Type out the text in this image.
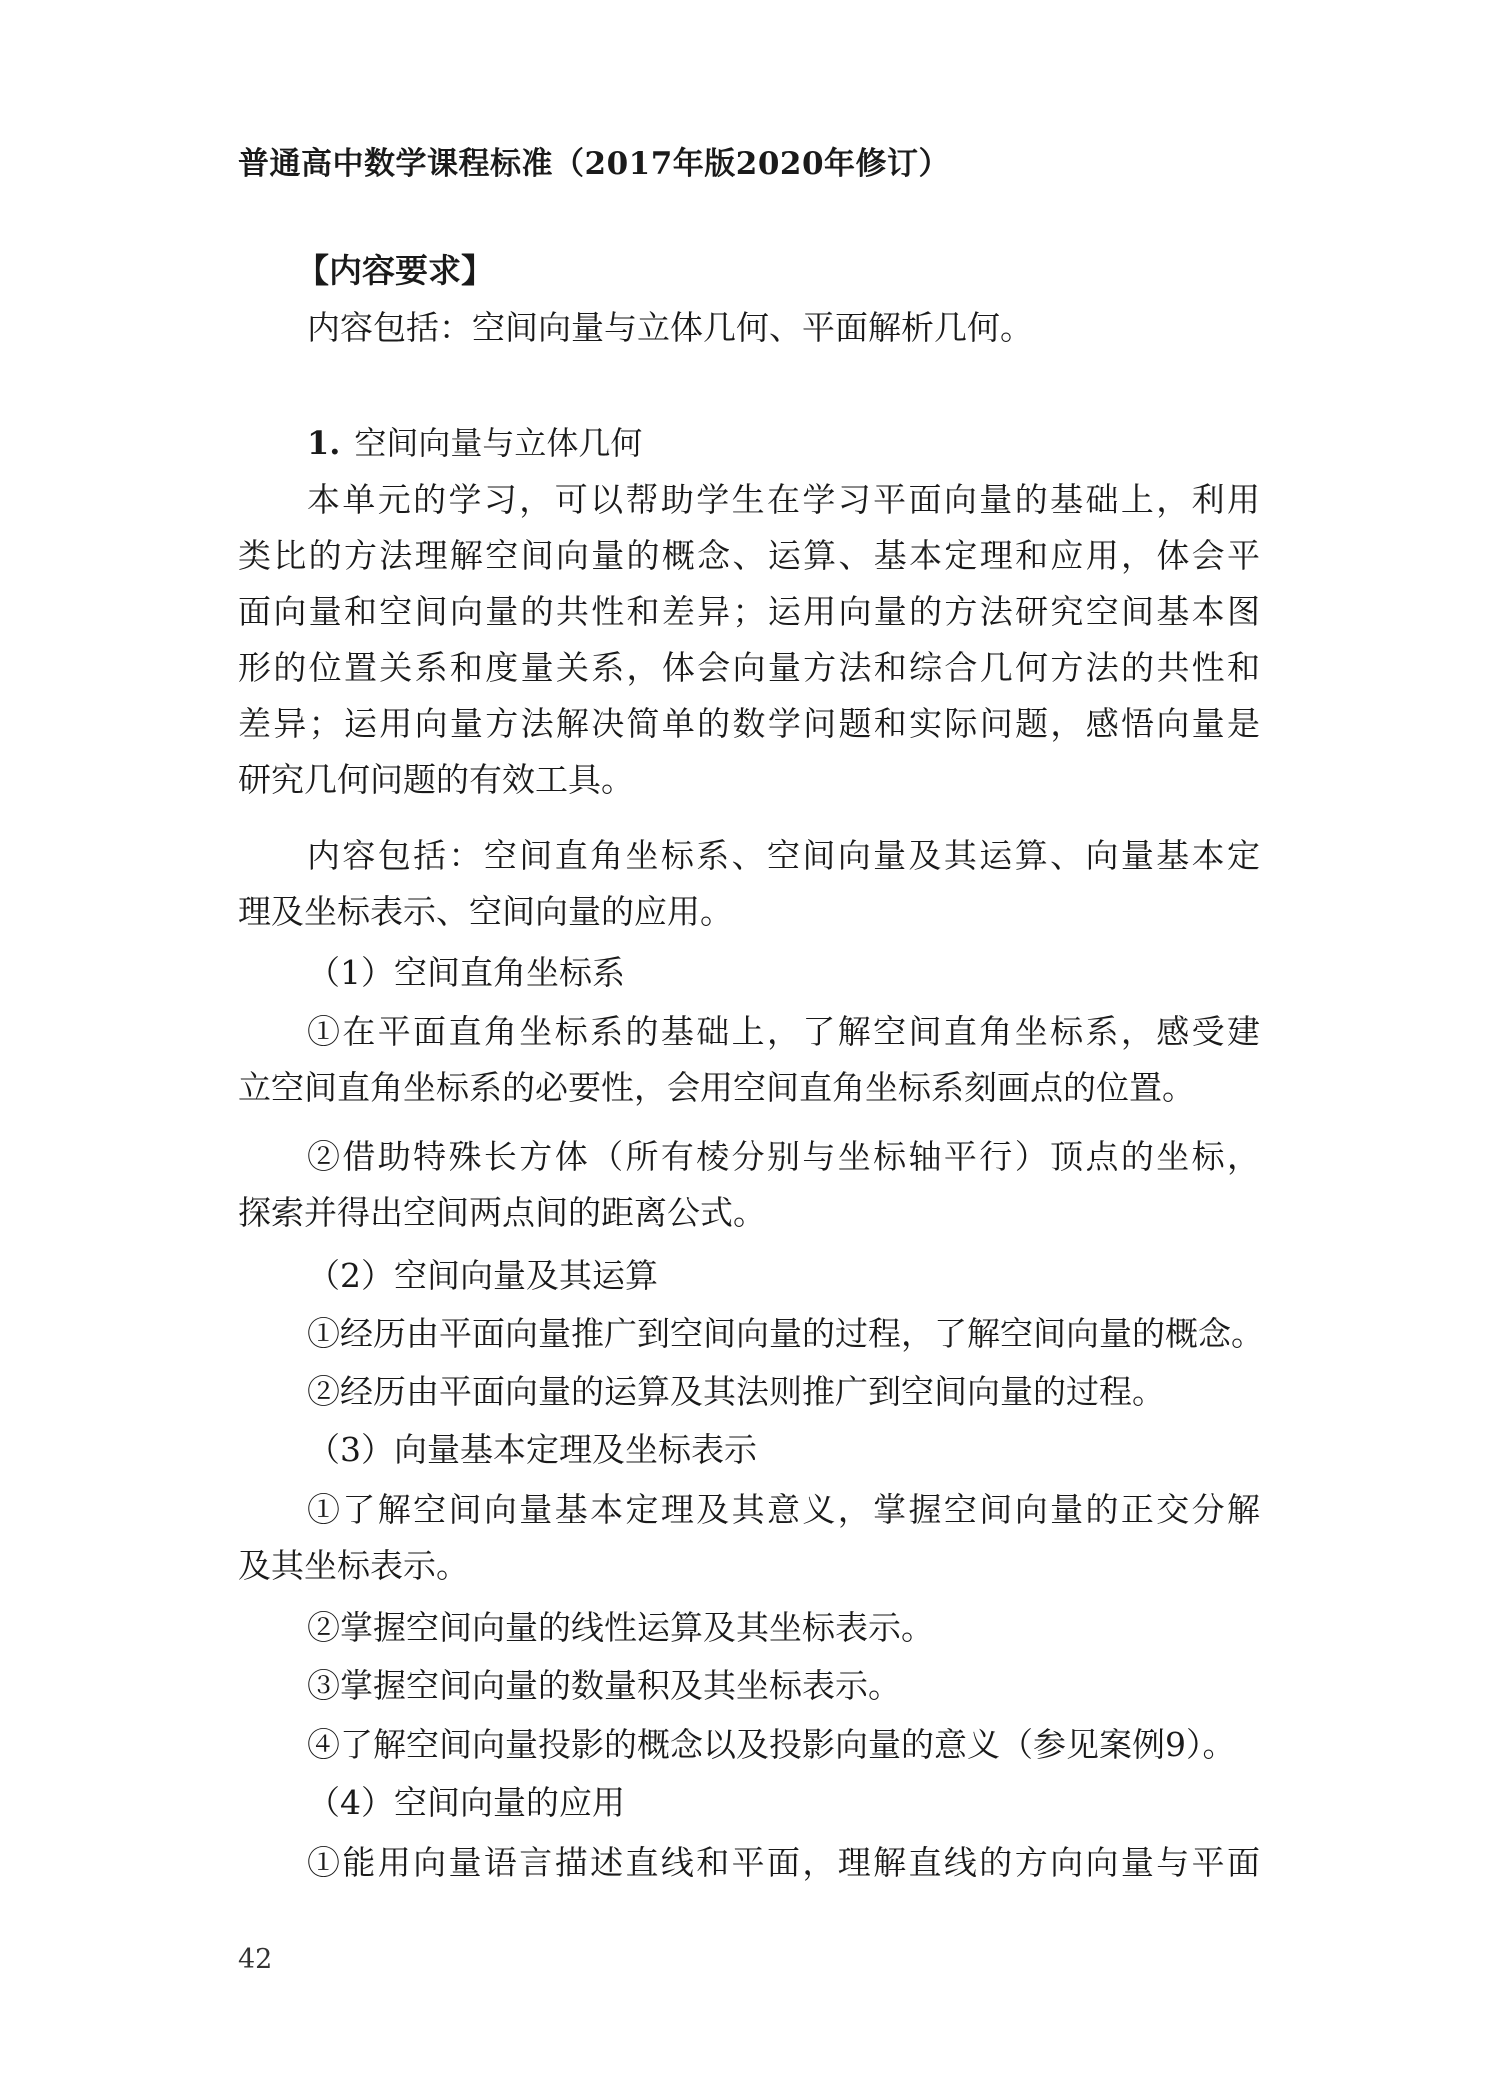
普通高中数学课程标准（2017年版2020年修订）
【内容要求】
内容包括：空间向量与立体几何、平面解析几何。
1. 空间向量与立体几何
本单元的学习，可以帮助学生在学习平面向量的基础上，利用
类比的方法理解空间向量的概念、运算、基本定理和应用，体会平
面向量和空间向量的共性和差异；运用向量的方法研究空间基本图
形的位置关系和度量关系，体会向量方法和综合几何方法的共性和
差异；运用向量方法解决简单的数学问题和实际问题，感悟向量是
研究几何问题的有效工具。
内容包括：空间直角坐标系、空间向量及其运算、向量基本定
理及坐标表示、空间向量的应用。
（1）空间直角坐标系
①在平面直角坐标系的基础上，了解空间直角坐标系，感受建
立空间直角坐标系的必要性，会用空间直角坐标系刻画点的位置。
②借助特殊长方体（所有棱分别与坐标轴平行）顶点的坐标，
探索并得出空间两点间的距离公式。
（2）空间向量及其运算
①经历由平面向量推广到空间向量的过程，了解空间向量的概念。
②经历由平面向量的运算及其法则推广到空间向量的过程。
（3）向量基本定理及坐标表示
①了解空间向量基本定理及其意义，掌握空间向量的正交分解
及其坐标表示。
②掌握空间向量的线性运算及其坐标表示。
③掌握空间向量的数量积及其坐标表示。
④了解空间向量投影的概念以及投影向量的意义（参见案例9）。
（4）空间向量的应用
①能用向量语言描述直线和平面，理解直线的方向向量与平面
42
